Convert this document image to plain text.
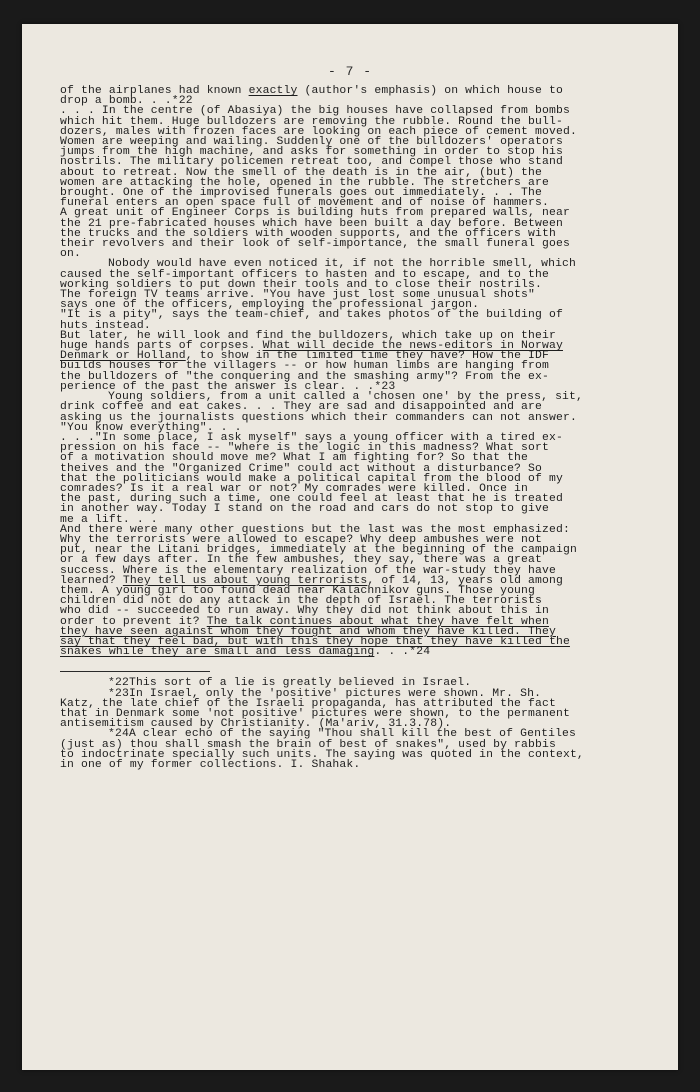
- 7 -
of the airplanes had known exactly (author's emphasis) on which house to
drop a bomb. . .*22
. . . In the centre (of Abasiya) the big houses have collapsed from bombs
which hit them. Huge bulldozers are removing the rubble. Round the bull-
dozers, males with frozen faces are looking on each piece of cement moved.
Women are weeping and wailing. Suddenly one of the bulldozers' operators
jumps from the high machine, and asks for something in order to stop his
nostrils. The military policemen retreat too, and compel those who stand
about to retreat. Now the smell of the death is in the air, (but) the
women are attacking the hole, opened in the rubble. The stretchers are
brought. One of the improvised funerals goes out immediately. . . The
funeral enters an open space full of movement and of noise of hammers.
A great unit of Engineer Corps is building huts from prepared walls, near
the 21 pre-fabricated houses which have been built a day before. Between
the trucks and the soldiers with wooden supports, and the officers with
their revolvers and their look of self-importance, the small funeral goes
on.
Nobody would have even noticed it, if not the horrible smell, which
caused the self-important officers to hasten and to escape, and to the
working soldiers to put down their tools and to close their nostrils.
The foreign TV teams arrive. "You have just lost some unusual shots"
says one of the officers, employing the professional jargon.
"It is a pity", says the team-chief, and takes photos of the building of
huts instead.
But later, he will look and find the bulldozers, which take up on their
huge hands parts of corpses. What will decide the news-editors in Norway
Denmark or Holland, to show in the limited time they have? How the IDF
builds houses for the villagers -- or how human limbs are hanging from
the bulldozers of "the conquering and the smashing army"? From the ex-
perience of the past the answer is clear. . .*23
Young soldiers, from a unit called a 'chosen one' by the press, sit,
drink coffee and eat cakes. . . They are sad and disappointed and are
asking us the journalists questions which their commanders can not answer.
"You know everything". . .
. . ."In some place, I ask myself" says a young officer with a tired ex-
pression on his face -- "where is the logic in this madness? What sort
of a motivation should move me? What I am fighting for? So that the
theives and the "Organized Crime" could act without a disturbance? So
that the politicians would make a political capital from the blood of my
comrades? Is it a real war or not? My comrades were killed. Once in
the past, during such a time, one could feel at least that he is treated
in another way. Today I stand on the road and cars do not stop to give
me a lift. . .
And there were many other questions but the last was the most emphasized:
Why the terrorists were allowed to escape? Why deep ambushes were not
put, near the Litani bridges, immediately at the beginning of the campaign
or a few days after. In the few ambushes, they say, there was a great
success. Where is the elementary realization of the war-study they have
learned? They tell us about young terrorists, of 14, 13, years old among
them. A young girl too found dead near Kalachnikov guns. Those young
children did not do any attack in the depth of Israel. The terrorists
who did -- succeeded to run away. Why they did not think about this in
order to prevent it? The talk continues about what they have felt when
they have seen against whom they fought and whom they have killed. They
say that they feel bad, but with this they hope that they have killed the
snakes while they are small and less damaging. . .*24
*22This sort of a lie is greatly believed in Israel.
*23In Israel, only the 'positive' pictures were shown. Mr. Sh.
Katz, the late chief of the Israeli propaganda, has attributed the fact
that in Denmark some 'not positive' pictures were shown, to the permanent
antisemitism caused by Christianity. (Ma'ariv, 31.3.78).
*24A clear echo of the saying "Thou shall kill the best of Gentiles
(just as) thou shall smash the brain of best of snakes", used by rabbis
to indoctrinate specially such units. The saying was quoted in the context,
in one of my former collections. I. Shahak.
